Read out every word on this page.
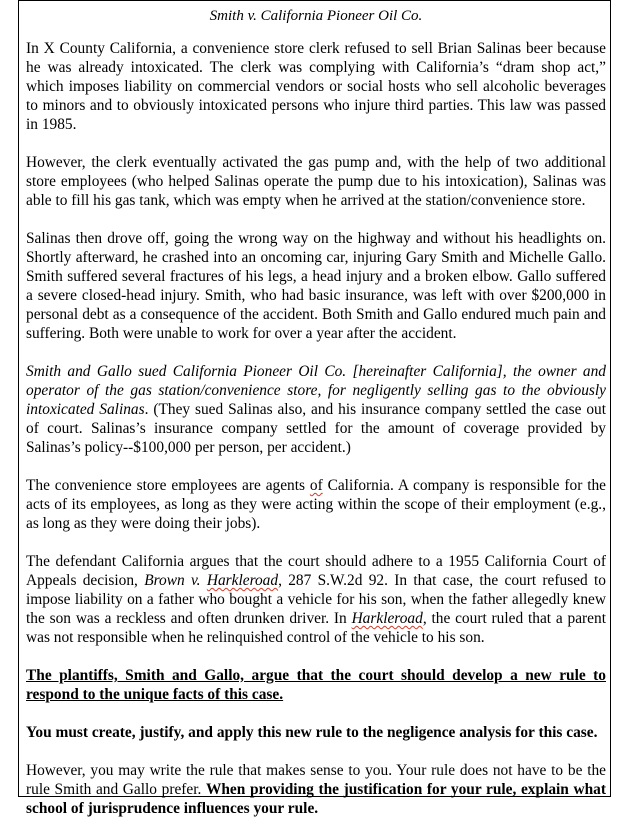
Smith v. California Pioneer Oil Co.

In X County California, a convenience store clerk refused to sell Brian Salinas beer because he was already intoxicated. The clerk was complying with California’s “dram shop act,” which imposes liability on commercial vendors or social hosts who sell alcoholic beverages to minors and to obviously intoxicated persons who injure third parties. This law was passed in 1985.

However, the clerk eventually activated the gas pump and, with the help of two additional store employees (who helped Salinas operate the pump due to his intoxication), Salinas was able to fill his gas tank, which was empty when he arrived at the station/convenience store.

Salinas then drove off, going the wrong way on the highway and without his headlights on. Shortly afterward, he crashed into an oncoming car, injuring Gary Smith and Michelle Gallo. Smith suffered several fractures of his legs, a head injury and a broken elbow. Gallo suffered a severe closed-head injury. Smith, who had basic insurance, was left with over $200,000 in personal debt as a consequence of the accident. Both Smith and Gallo endured much pain and suffering. Both were unable to work for over a year after the accident.

Smith and Gallo sued California Pioneer Oil Co. [hereinafter California], the owner and operator of the gas station/convenience store, for negligently selling gas to the obviously intoxicated Salinas. (They sued Salinas also, and his insurance company settled the case out of court. Salinas’s insurance company settled for the amount of coverage provided by Salinas’s policy--$100,000 per person, per accident.)

The convenience store employees are agents of California. A company is responsible for the acts of its employees, as long as they were acting within the scope of their employment (e.g., as long as they were doing their jobs).

The defendant California argues that the court should adhere to a 1955 California Court of Appeals decision, Brown v. Harkleroad, 287 S.W.2d 92. In that case, the court refused to impose liability on a father who bought a vehicle for his son, when the father allegedly knew the son was a reckless and often drunken driver. In Harkleroad, the court ruled that a parent was not responsible when he relinquished control of the vehicle to his son.

The plantiffs, Smith and Gallo, argue that the court should develop a new rule to respond to the unique facts of this case.

You must create, justify, and apply this new rule to the negligence analysis for this case.

However, you may write the rule that makes sense to you. Your rule does not have to be the rule Smith and Gallo prefer. When providing the justification for your rule, explain what school of jurisprudence influences your rule.
